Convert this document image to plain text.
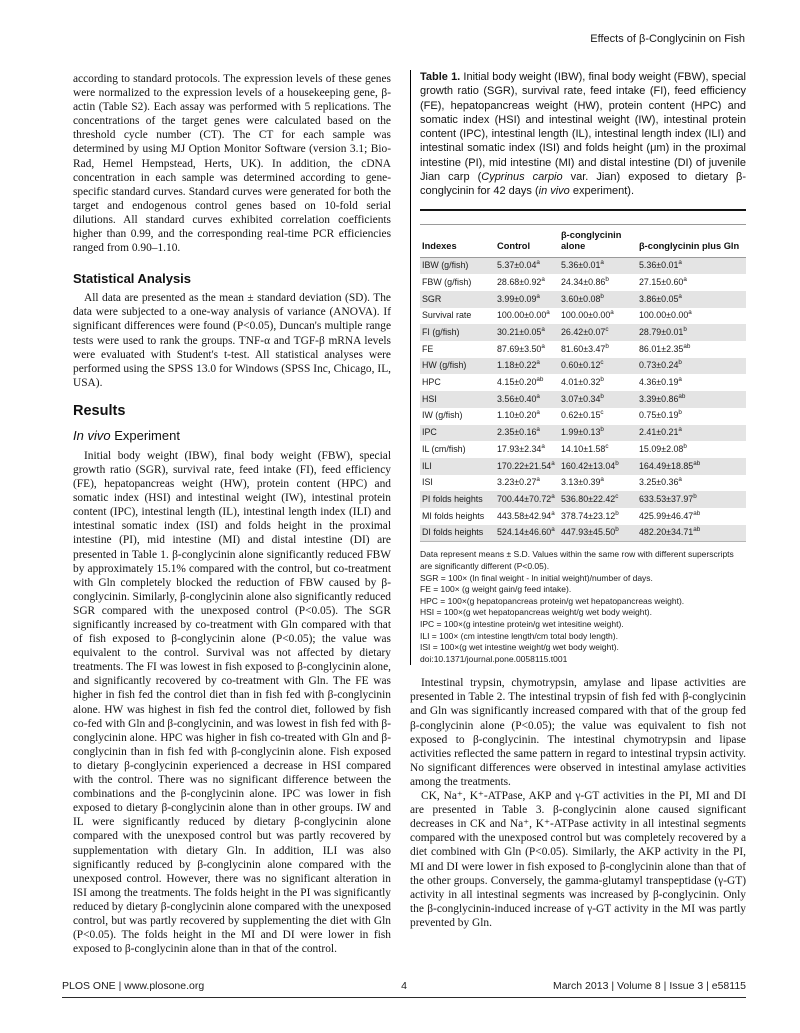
Effects of β-Conglycinin on Fish

according to standard protocols. The expression levels of these genes were normalized to the expression levels of a housekeeping gene, β-actin (Table S2). Each assay was performed with 5 replications. The concentrations of the target genes were calculated based on the threshold cycle number (CT). The CT for each sample was determined by using MJ Option Monitor Software (version 3.1; Bio-Rad, Hemel Hempstead, Herts, UK). In addition, the cDNA concentration in each sample was determined according to gene-specific standard curves. Standard curves were generated for both the target and endogenous control genes based on 10-fold serial dilutions. All standard curves exhibited correlation coefficients higher than 0.99, and the corresponding real-time PCR efficiencies ranged from 0.90–1.10.

Statistical Analysis

All data are presented as the mean ± standard deviation (SD). The data were subjected to a one-way analysis of variance (ANOVA). If significant differences were found (P<0.05), Duncan's multiple range tests were used to rank the groups. TNF-α and TGF-β mRNA levels were evaluated with Student's t-test. All statistical analyses were performed using the SPSS 13.0 for Windows (SPSS Inc, Chicago, IL, USA).

Results
In vivo Experiment

Initial body weight (IBW), final body weight (FBW), special growth ratio (SGR), survival rate, feed intake (FI), feed efficiency (FE), hepatopancreas weight (HW), protein content (HPC) and somatic index (HSI) and intestinal weight (IW), intestinal protein content (IPC), intestinal length (IL), intestinal length index (ILI) and intestinal somatic index (ISI) and folds height in the proximal intestine (PI), mid intestine (MI) and distal intestine (DI) are presented in Table 1. β-conglycinin alone significantly reduced FBW by approximately 15.1% compared with the control, but co-treatment with Gln completely blocked the reduction of FBW caused by β-conglycinin. Similarly, β-conglycinin alone also significantly reduced SGR compared with the unexposed control (P<0.05). The SGR significantly increased by co-treatment with Gln compared with that of fish exposed to β-conglycinin alone (P<0.05); the value was equivalent to the control. Survival was not affected by dietary treatments. The FI was lowest in fish exposed to β-conglycinin alone, and significantly recovered by co-treatment with Gln. The FE was higher in fish fed the control diet than in fish fed with β-conglycinin alone. HW was highest in fish fed the control diet, followed by fish co-fed with Gln and β-conglycinin, and was lowest in fish fed with β-conglycinin alone. HPC was higher in fish co-treated with Gln and β-conglycinin than in fish fed with β-conglycinin alone. Fish exposed to dietary β-conglycinin experienced a decrease in HSI compared with the control. There was no significant difference between the combinations and the β-conglycinin alone. IPC was lower in fish exposed to dietary β-conglycinin alone than in other groups. IW and IL were significantly reduced by dietary β-conglycinin alone compared with the unexposed control but was partly recovered by supplementation with dietary Gln. In addition, ILI was also significantly reduced by β-conglycinin alone compared with the unexposed control. However, there was no significant alteration in ISI among the treatments. The folds height in the PI was significantly reduced by dietary β-conglycinin alone compared with the unexposed control, but was partly recovered by supplementing the diet with Gln (P<0.05). The folds height in the MI and DI were lower in fish exposed to β-conglycinin alone than in that of the control.

Table 1. Initial body weight (IBW), final body weight (FBW), special growth ratio (SGR), survival rate, feed intake (FI), feed efficiency (FE), hepatopancreas weight (HW), protein content (HPC) and somatic index (HSI) and intestinal weight (IW), intestinal protein content (IPC), intestinal length (IL), intestinal length index (ILI) and intestinal somatic index (ISI) and folds height (μm) in the proximal intestine (PI), mid intestine (MI) and distal intestine (DI) of juvenile Jian carp (Cyprinus carpio var. Jian) exposed to dietary β-conglycinin for 42 days (in vivo experiment).
Indexes	Control	β-conglycinin alone	β-conglycinin plus Gln
IBW (g/fish)	5.37±0.04$^a$	5.36±0.01$^a$	5.36±0.01$^a$
FBW (g/fish)	28.68±0.92$^a$	24.34±0.86$^b$	27.15±0.60$^a$
SGR	3.99±0.09$^a$	3.60±0.08$^b$	3.86±0.05$^a$
Survival rate	100.00±0.00$^a$	100.00±0.00$^a$	100.00±0.00$^a$
FI (g/fish)	30.21±0.05$^a$	26.42±0.07$^c$	28.79±0.01$^b$
FE	87.69±3.50$^a$	81.60±3.47$^b$	86.01±2.35$^{ab}$
HW (g/fish)	1.18±0.22$^a$	0.60±0.12$^c$	0.73±0.24$^b$
HPC	4.15±0.20$^{ab}$	4.01±0.32$^b$	4.36±0.19$^a$
HSI	3.56±0.40$^a$	3.07±0.34$^b$	3.39±0.86$^{ab}$
IW (g/fish)	1.10±0.20$^a$	0.62±0.15$^c$	0.75±0.19$^b$
IPC	2.35±0.16$^a$	1.99±0.13$^b$	2.41±0.21$^a$
IL (cm/fish)	17.93±2.34$^a$	14.10±1.58$^c$	15.09±2.08$^b$
ILI	170.22±21.54$^a$	160.42±13.04$^b$	164.49±18.85$^{ab}$
ISI	3.23±0.27$^a$	3.13±0.39$^a$	3.25±0.36$^a$
PI folds heights	700.44±70.72$^a$	536.80±22.42$^c$	633.53±37.97$^b$
MI folds heights	443.58±42.94$^a$	378.74±23.12$^b$	425.99±46.47$^{ab}$
DI folds heights	524.14±46.60$^a$	447.93±45.50$^b$	482.20±34.71$^{ab}$
Data represent means ± S.D. Values within the same row with different superscripts are significantly different (P<0.05).
SGR = 100× (ln final weight - ln initial weight)/number of days.
FE = 100× (g weight gain/g feed intake).
HPC = 100×(g hepatopancreas protein/g wet hepatopancreas weight).
HSI = 100×(g wet hepatopancreas weight/g wet body weight).
IPC = 100×(g intestine protein/g wet intesitine weight).
ILI = 100× (cm intestine length/cm total body length).
ISI = 100×(g wet intestine weight/g wet body weight).
doi:10.1371/journal.pone.0058115.t001

Intestinal trypsin, chymotrypsin, amylase and lipase activities are presented in Table 2. The intestinal trypsin of fish fed with β-conglycinin and Gln was significantly increased compared with that of the group fed β-conglycinin alone (P<0.05); the value was equivalent to fish not exposed to β-conglycinin. The intestinal chymotrypsin and lipase activities reflected the same pattern in regard to intestinal trypsin activity. No significant differences were observed in intestinal amylase activities among the treatments.

CK, Na⁺, K⁺-ATPase, AKP and γ-GT activities in the PI, MI and DI are presented in Table 3. β-conglycinin alone caused significant decreases in CK and Na⁺, K⁺-ATPase activity in all intestinal segments compared with the unexposed control but was completely recovered by a diet combined with Gln (P<0.05). Similarly, the AKP activity in the PI, MI and DI were lower in fish exposed to β-conglycinin alone than that of the other groups. Conversely, the gamma-glutamyl transpeptidase (γ-GT) activity in all intestinal segments was increased by β-conglycinin. Only the β-conglycinin-induced increase of γ-GT activity in the MI was partly prevented by Gln.

PLOS ONE | www.plosone.org	4	March 2013 | Volume 8 | Issue 3 | e58115
